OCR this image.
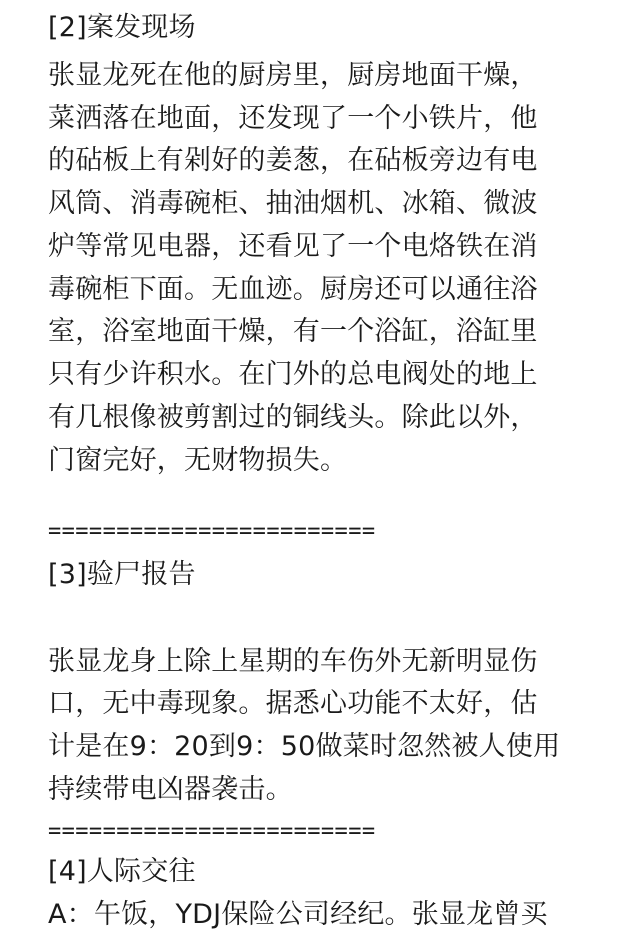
[2]案发现场
张显龙死在他的厨房里，厨房地面干燥，
菜洒落在地面，还发现了一个小铁片，他
的砧板上有剁好的姜葱，在砧板旁边有电
风筒、消毒碗柜、抽油烟机、冰箱、微波
炉等常见电器，还看见了一个电烙铁在消
毒碗柜下面。无血迹。厨房还可以通往浴
室，浴室地面干燥，有一个浴缸，浴缸里
只有少许积水。在门外的总电阀处的地上
有几根像被剪割过的铜线头。除此以外，
门窗完好，无财物损失。
========================
[3]验尸报告
张显龙身上除上星期的车伤外无新明显伤
口，无中毒现象。据悉心功能不太好，估
计是在9：20到9：50做菜时忽然被人使用
持续带电凶器袭击。
========================
[4]人际交往
A：午饭，YDJ保险公司经纪。张显龙曾买
